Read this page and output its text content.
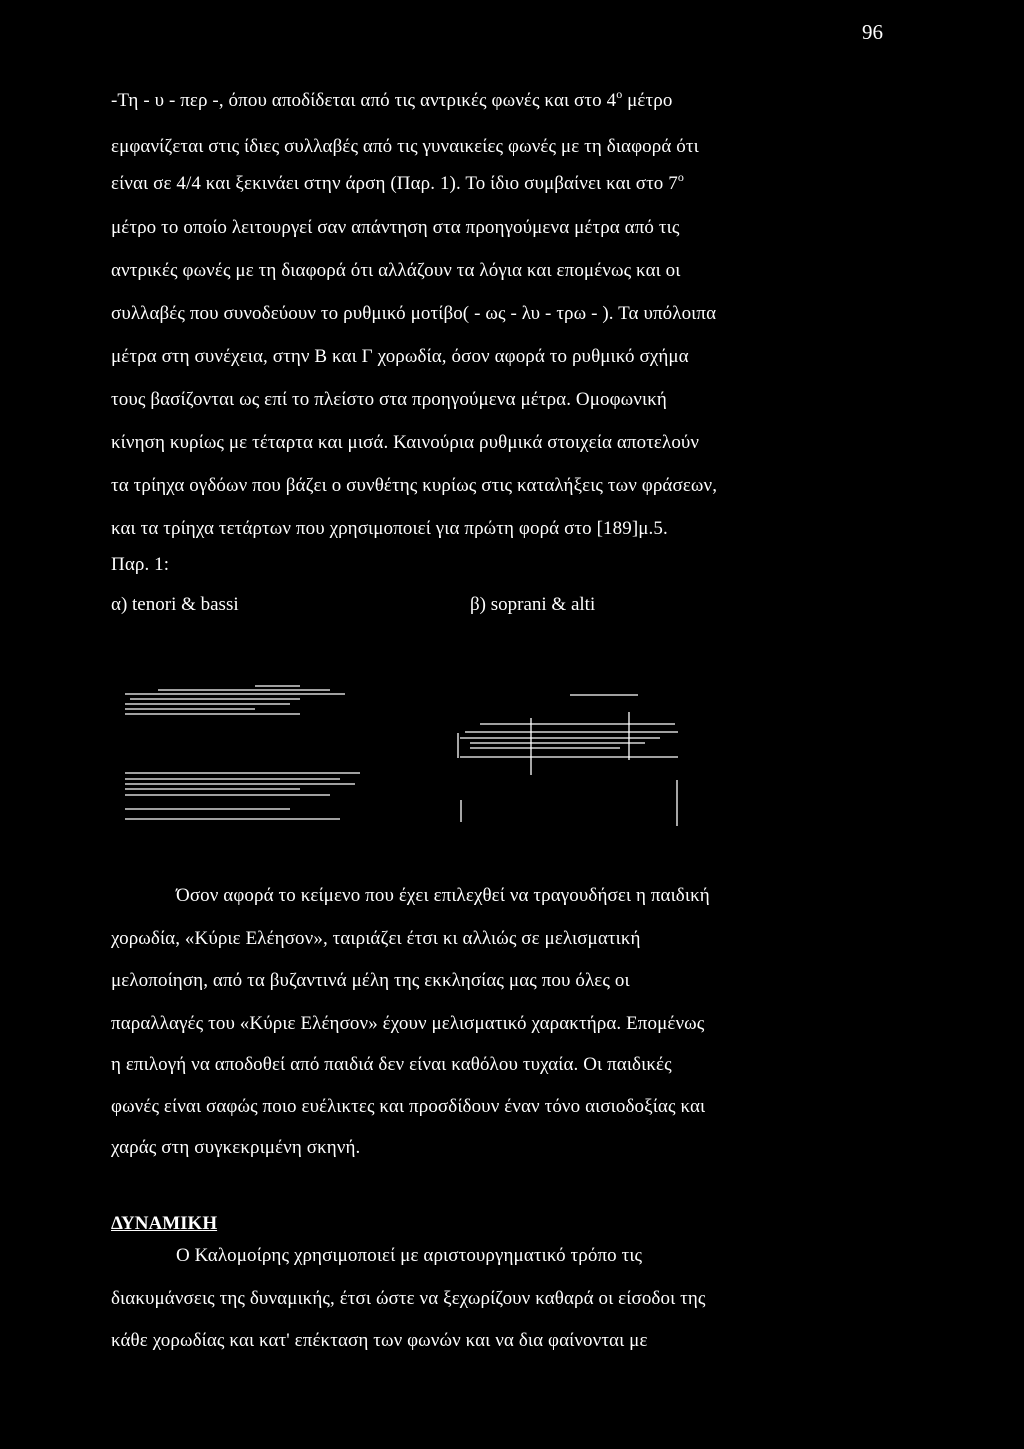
96
-Τη - υ - περ -, όπου αποδίδεται από τις αντρικές φωνές και στο $4^o$ μέτρο
εμφανίζεται στις ίδιες συλλαβές από τις γυναικείες φωνές με τη διαφορά ότι
είναι σε 4/4 και ξεκινάει στην άρση (Παρ. 1). Το ίδιο συμβαίνει και στο $7^o$
μέτρο το οποίο λειτουργεί σαν απάντηση στα προηγούμενα μέτρα από τις
αντρικές φωνές με τη διαφορά ότι αλλάζουν τα λόγια και επομένως και οι
συλλαβές που συνοδεύουν το ρυθμικό μοτίβο( - ως - λυ - τρω - ). Τα υπόλοιπα
μέτρα στη συνέχεια, στην Β και Γ χορωδία, όσον αφορά το ρυθμικό σχήμα
τους βασίζονται ως επί το πλείστο στα προηγούμενα μέτρα. Ομοφωνική
κίνηση κυρίως με τέταρτα και μισά. Καινούρια ρυθμικά στοιχεία αποτελούν
τα τρίηχα ογδόων που βάζει ο συνθέτης κυρίως στις καταλήξεις των φράσεων,
και τα τρίηχα τετάρτων που χρησιμοποιεί για πρώτη φορά στο [189]μ.5.
Παρ. 1:
α) tenori & bassi	β) soprani & alti
Όσον αφορά το κείμενο που έχει επιλεχθεί να τραγουδήσει η παιδική
χορωδία, «Κύριε Ελέησον», ταιριάζει έτσι κι αλλιώς σε μελισματική
μελοποίηση, από τα βυζαντινά μέλη της εκκλησίας μας που όλες οι
παραλλαγές του «Κύριε Ελέησον» έχουν μελισματικό χαρακτήρα. Επομένως
η επιλογή να αποδοθεί από παιδιά δεν είναι καθόλου τυχαία. Οι παιδικές
φωνές είναι σαφώς ποιο ευέλικτες και προσδίδουν έναν τόνο αισιοδοξίας και
χαράς στη συγκεκριμένη σκηνή.
ΔΥΝΑΜΙΚΗ
Ο Καλομοίρης χρησιμοποιεί με αριστουργηματικό τρόπο τις
διακυμάνσεις της δυναμικής, έτσι ώστε να ξεχωρίζουν καθαρά οι είσοδοι της
κάθε χορωδίας και κατ' επέκταση των φωνών και να δια φαίνονται με
